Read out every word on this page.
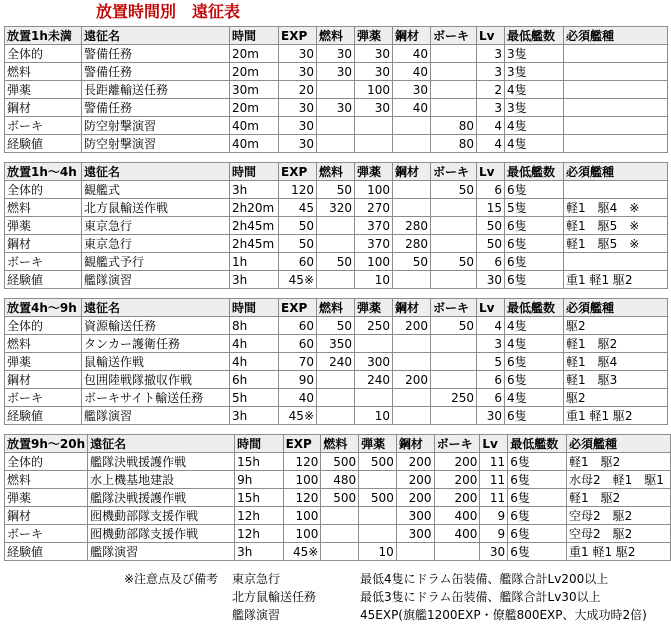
放置時間別　遠征表
放置1h未満	遠征名	時間	EXP	燃料	弾薬	鋼材	ボーキ	Lv	最低艦数	必須艦種
全体的	警備任務	20m	30	30	30	40		3	3隻	
燃料	警備任務	20m	30	30	30	40		3	3隻	
弾薬	長距離輸送任務	30m	20		100	30		2	4隻	
鋼材	警備任務	20m	30	30	30	40		3	3隻	
ボーキ	防空射撃演習	40m	30				80	4	4隻	
経験値	防空射撃演習	40m	30				80	4	4隻	
放置1h～4h	遠征名	時間	EXP	燃料	弾薬	鋼材	ボーキ	Lv	最低艦数	必須艦種
全体的	観艦式	3h	120	50	100		50	6	6隻	
燃料	北方鼠輸送作戦	2h20m	45	320	270			15	5隻	軽1　駆4　※
弾薬	東京急行	2h45m	50		370	280		50	6隻	軽1　駆5　※
鋼材	東京急行	2h45m	50		370	280		50	6隻	軽1　駆5　※
ボーキ	観艦式予行	1h	60	50	100	50	50	6	6隻	
経験値	艦隊演習	3h	45※		10			30	6隻	重1 軽1 駆2
放置4h～9h	遠征名	時間	EXP	燃料	弾薬	鋼材	ボーキ	Lv	最低艦数	必須艦種
全体的	資源輸送任務	8h	60	50	250	200	50	4	4隻	駆2
燃料	タンカー護衛任務	4h	60	350				3	4隻	軽1　駆2
弾薬	鼠輸送作戦	4h	70	240	300			5	6隻	軽1　駆4
鋼材	包囲陸戦隊撤収作戦	6h	90		240	200		6	6隻	軽1　駆3
ボーキ	ボーキサイト輸送任務	5h	40				250	6	4隻	駆2
経験値	艦隊演習	3h	45※		10			30	6隻	重1 軽1 駆2
放置9h～20h	遠征名	時間	EXP	燃料	弾薬	鋼材	ボーキ	Lv	最低艦数	必須艦種
全体的	艦隊決戦援護作戦	15h	120	500	500	200	200	11	6隻	軽1　駆2
燃料	水上機基地建設	9h	100	480		200	200	11	6隻	水母2　軽1　駆1
弾薬	艦隊決戦援護作戦	15h	120	500	500	200	200	11	6隻	軽1　駆2
鋼材	囮機動部隊支援作戦	12h	100			300	400	9	6隻	空母2　駆2
ボーキ	囮機動部隊支援作戦	12h	100			300	400	9	6隻	空母2　駆2
経験値	艦隊演習	3h	45※		10			30	6隻	重1 軽1 駆2
※注意点及び備考 東京急行	最低4隻にドラム缶装備、艦隊合計Lv200以上
北方鼠輸送任務	最低3隻にドラム缶装備、艦隊合計Lv30以上
艦隊演習	45EXP(旗艦1200EXP・僚艦800EXP、大成功時2倍)
